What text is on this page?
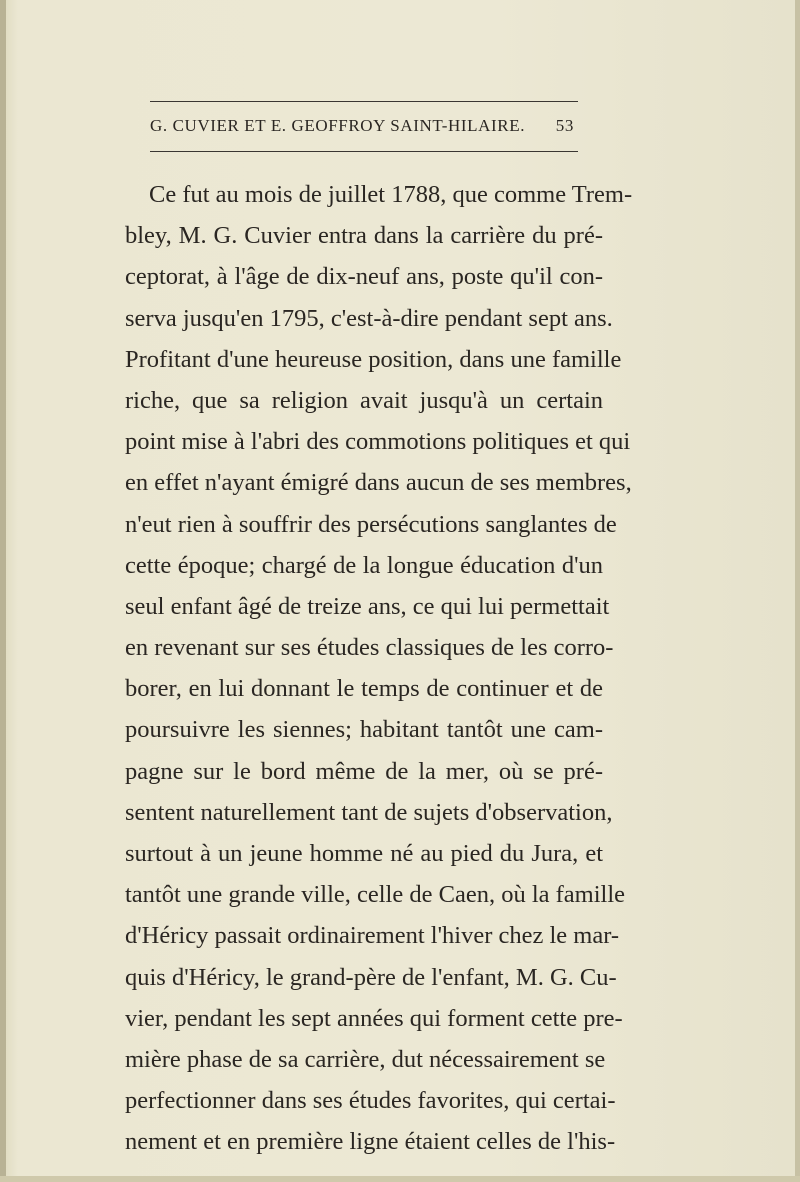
G. CUVIER ET E. GEOFFROY SAINT-HILAIRE. 53
Ce fut au mois de juillet 1788, que comme Trem-
bley, M. G. Cuvier entra dans la carrière du pré-
ceptorat, à l'âge de dix-neuf ans, poste qu'il con-
serva jusqu'en 1795, c'est-à-dire pendant sept ans.
Profitant d'une heureuse position, dans une famille
riche, que sa religion avait jusqu'à un certain
point mise à l'abri des commotions politiques et qui
en effet n'ayant émigré dans aucun de ses membres,
n'eut rien à souffrir des persécutions sanglantes de
cette époque; chargé de la longue éducation d'un
seul enfant âgé de treize ans, ce qui lui permettait
en revenant sur ses études classiques de les corro-
borer, en lui donnant le temps de continuer et de
poursuivre les siennes; habitant tantôt une cam-
pagne sur le bord même de la mer, où se pré-
sentent naturellement tant de sujets d'observation,
surtout à un jeune homme né au pied du Jura, et
tantôt une grande ville, celle de Caen, où la famille
d'Héricy passait ordinairement l'hiver chez le mar-
quis d'Héricy, le grand-père de l'enfant, M. G. Cu-
vier, pendant les sept années qui forment cette pre-
mière phase de sa carrière, dut nécessairement se
perfectionner dans ses études favorites, qui certai-
nement et en première ligne étaient celles de l'his-
